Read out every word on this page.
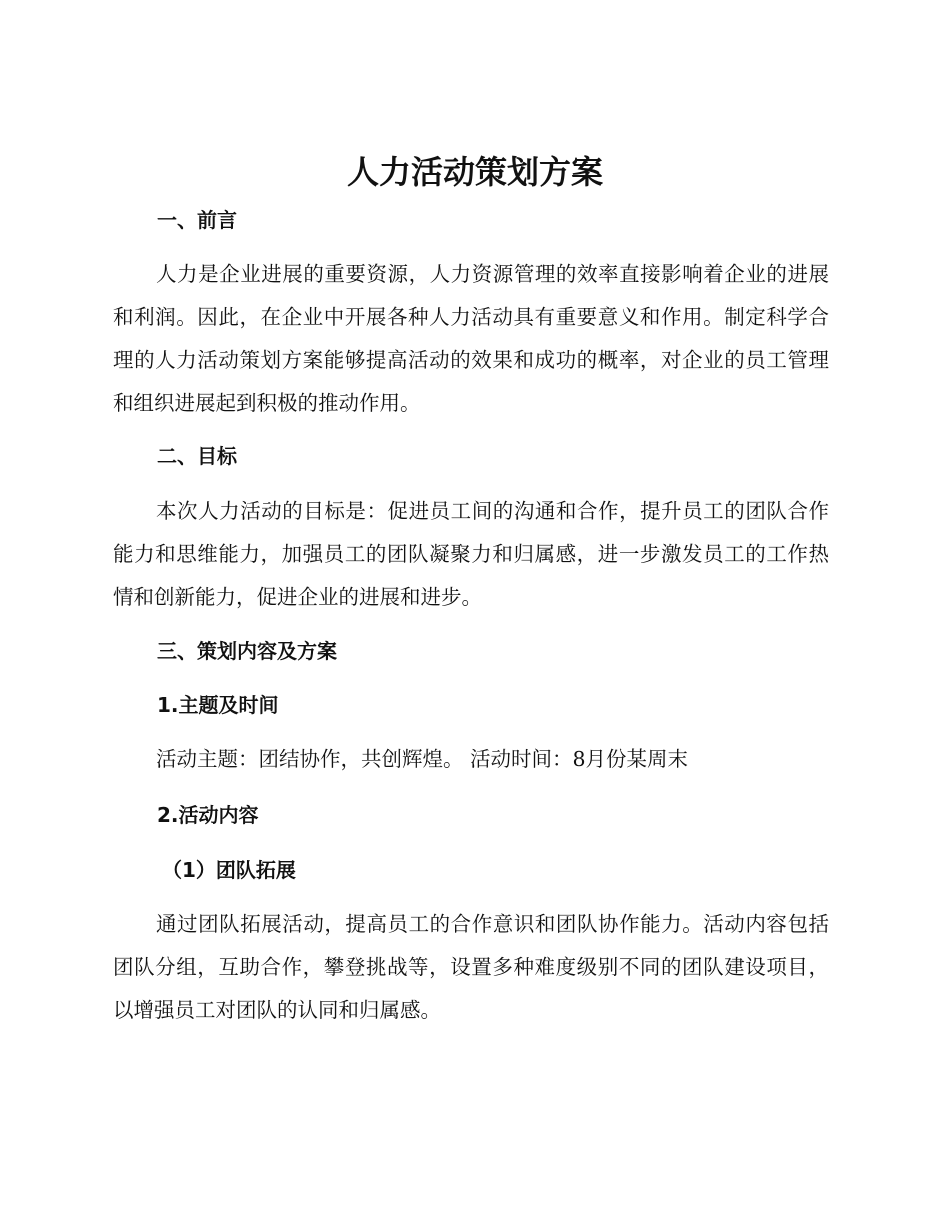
人力活动策划方案
一、前言

人力是企业进展的重要资源，人力资源管理的效率直接影响着企业的进展和利润。因此，在企业中开展各种人力活动具有重要意义和作用。制定科学合理的人力活动策划方案能够提高活动的效果和成功的概率，对企业的员工管理和组织进展起到积极的推动作用。

二、目标

本次人力活动的目标是：促进员工间的沟通和合作，提升员工的团队合作能力和思维能力，加强员工的团队凝聚力和归属感，进一步激发员工的工作热情和创新能力，促进企业的进展和进步。

三、策划内容及方案
1.主题及时间

活动主题：团结协作，共创辉煌。 活动时间：8月份某周末

2.活动内容
（1）团队拓展

通过团队拓展活动，提高员工的合作意识和团队协作能力。活动内容包括团队分组，互助合作，攀登挑战等，设置多种难度级别不同的团队建设项目，以增强员工对团队的认同和归属感。
